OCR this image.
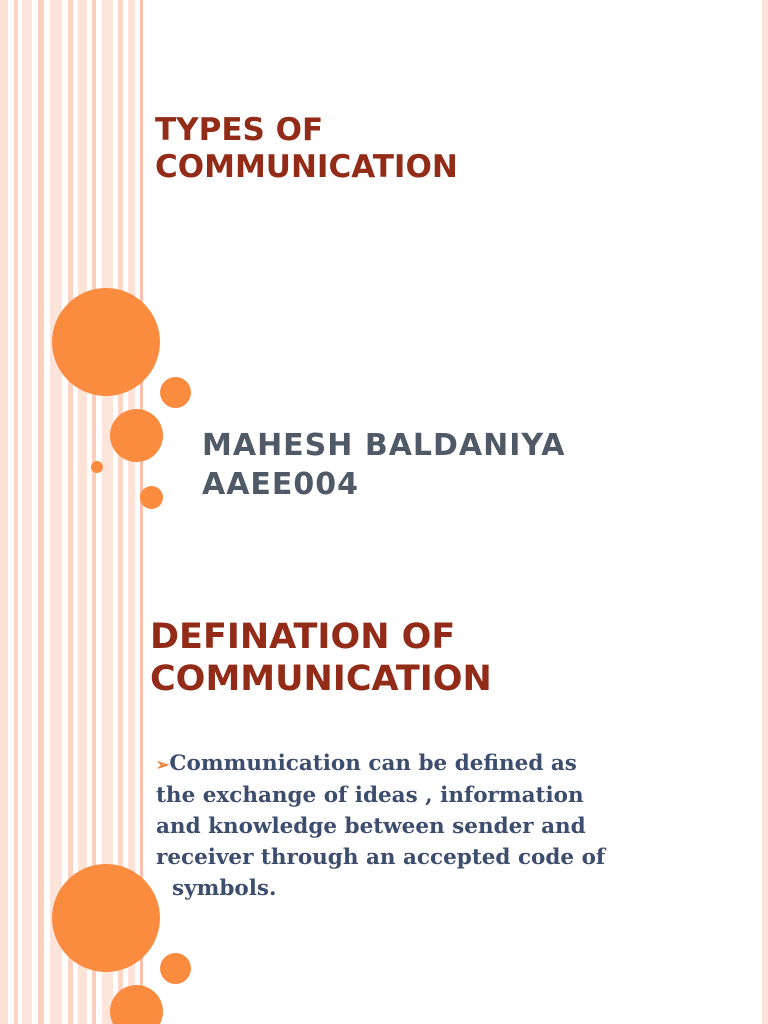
TYPES OF
COMMUNICATION
MAHESH BALDANIYA
AAEE004
DEFINATION OF
COMMUNICATION
➢Communication can be defined as
the exchange of ideas , information
and knowledge between sender and
receiver through an accepted code of
symbols.
